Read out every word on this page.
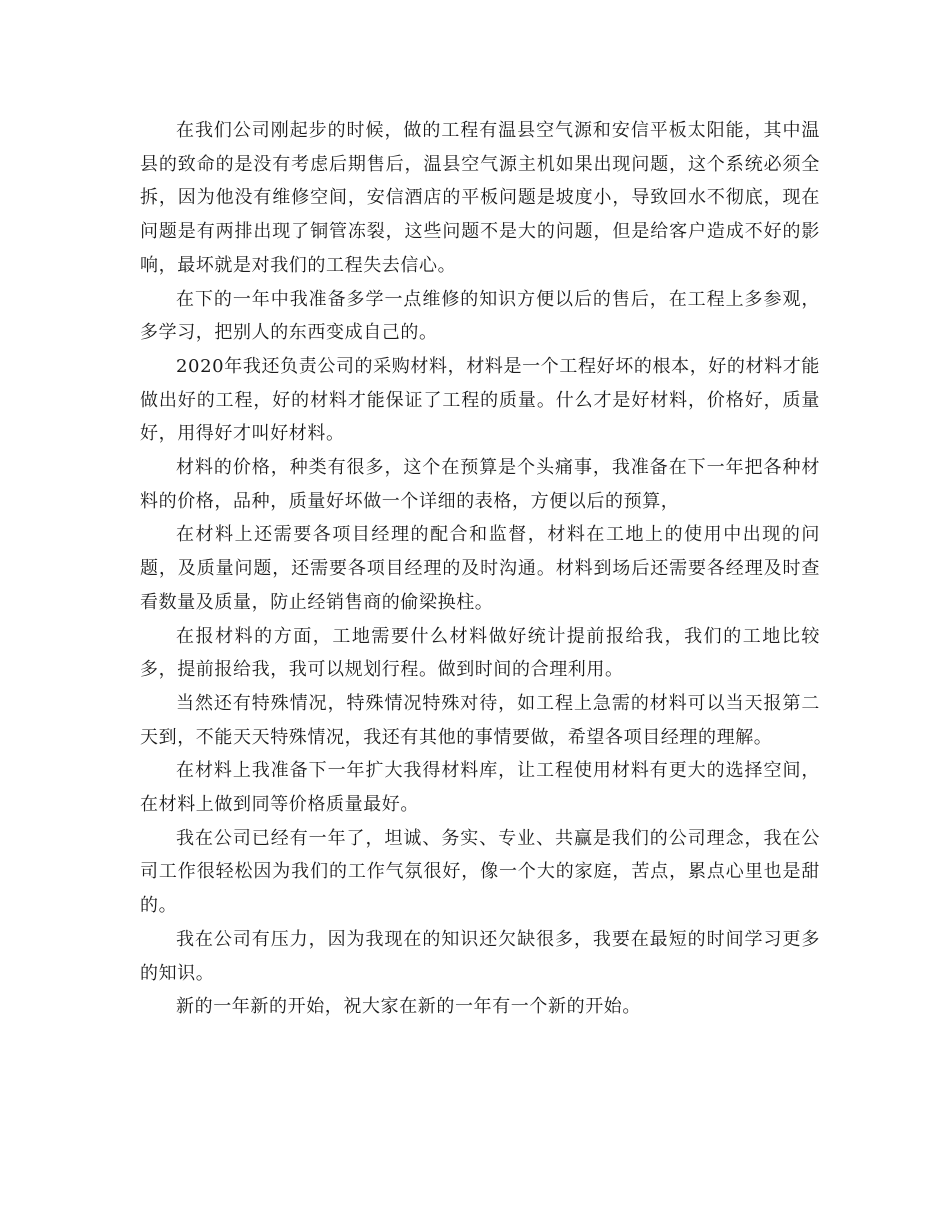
在我们公司刚起步的时候，做的工程有温县空气源和安信平板太阳能，其中温县的致命的是没有考虑后期售后，温县空气源主机如果出现问题，这个系统必须全拆，因为他没有维修空间，安信酒店的平板问题是坡度小，导致回水不彻底，现在问题是有两排出现了铜管冻裂，这些问题不是大的问题，但是给客户造成不好的影响，最坏就是对我们的工程失去信心。

在下的一年中我准备多学一点维修的知识方便以后的售后，在工程上多参观，多学习，把别人的东西变成自己的。

2020年我还负责公司的采购材料，材料是一个工程好坏的根本，好的材料才能做出好的工程，好的材料才能保证了工程的质量。什么才是好材料，价格好，质量好，用得好才叫好材料。

材料的价格，种类有很多，这个在预算是个头痛事，我准备在下一年把各种材料的价格，品种，质量好坏做一个详细的表格，方便以后的预算，

在材料上还需要各项目经理的配合和监督，材料在工地上的使用中出现的问题，及质量问题，还需要各项目经理的及时沟通。材料到场后还需要各经理及时查看数量及质量，防止经销售商的偷梁换柱。

在报材料的方面，工地需要什么材料做好统计提前报给我，我们的工地比较多，提前报给我，我可以规划行程。做到时间的合理利用。

当然还有特殊情况，特殊情况特殊对待，如工程上急需的材料可以当天报第二天到，不能天天特殊情况，我还有其他的事情要做，希望各项目经理的理解。

在材料上我准备下一年扩大我得材料库，让工程使用材料有更大的选择空间，在材料上做到同等价格质量最好。

我在公司已经有一年了，坦诚、务实、专业、共赢是我们的公司理念，我在公司工作很轻松因为我们的工作气氛很好，像一个大的家庭，苦点，累点心里也是甜的。

我在公司有压力，因为我现在的知识还欠缺很多，我要在最短的时间学习更多的知识。

新的一年新的开始，祝大家在新的一年有一个新的开始。
